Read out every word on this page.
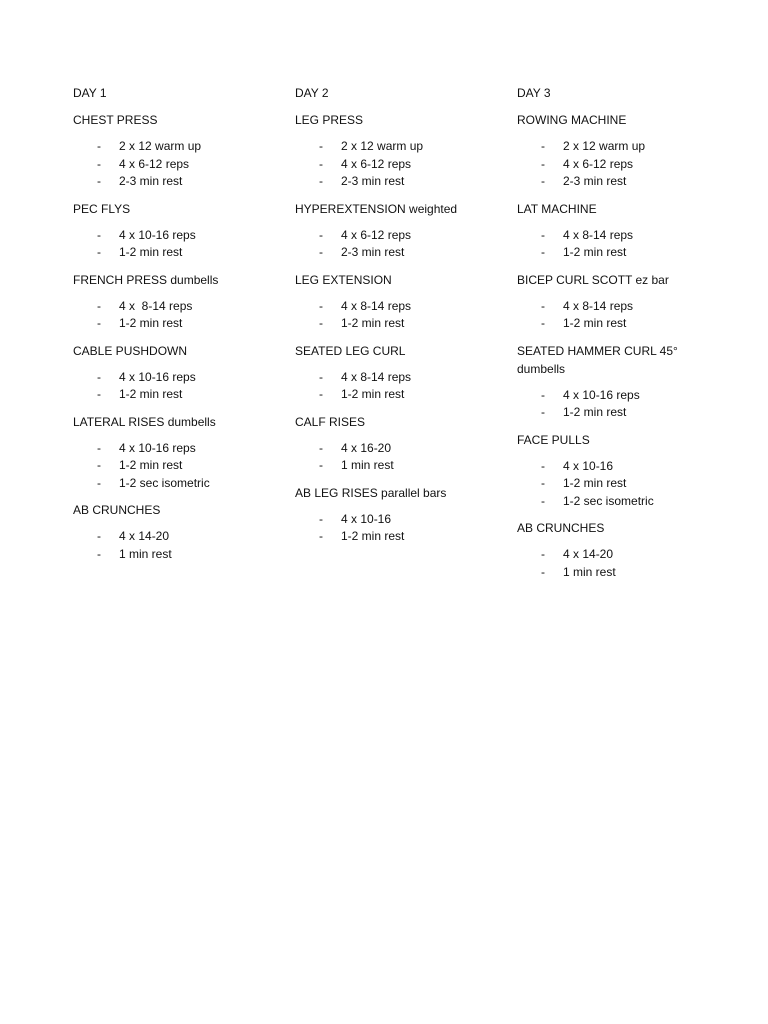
DAY 1
CHEST PRESS
- 2 x 12 warm up
- 4 x 6-12 reps
- 2-3 min rest
PEC FLYS
- 4 x 10-16 reps
- 1-2 min rest
FRENCH PRESS dumbells
- 4 x  8-14 reps
- 1-2 min rest
CABLE PUSHDOWN
- 4 x 10-16 reps
- 1-2 min rest
LATERAL RISES dumbells
- 4 x 10-16 reps
- 1-2 min rest
- 1-2 sec isometric
AB CRUNCHES
- 4 x 14-20
- 1 min rest
DAY 2
LEG PRESS
- 2 x 12 warm up
- 4 x 6-12 reps
- 2-3 min rest
HYPEREXTENSION weighted
- 4 x 6-12 reps
- 2-3 min rest
LEG EXTENSION
- 4 x 8-14 reps
- 1-2 min rest
SEATED LEG CURL
- 4 x 8-14 reps
- 1-2 min rest
CALF RISES
- 4 x 16-20
- 1 min rest
AB LEG RISES parallel bars
- 4 x 10-16
- 1-2 min rest
DAY 3
ROWING MACHINE
- 2 x 12 warm up
- 4 x 6-12 reps
- 2-3 min rest
LAT MACHINE
- 4 x 8-14 reps
- 1-2 min rest
BICEP CURL SCOTT ez bar
- 4 x 8-14 reps
- 1-2 min rest
SEATED HAMMER CURL 45° dumbells
- 4 x 10-16 reps
- 1-2 min rest
FACE PULLS
- 4 x 10-16
- 1-2 min rest
- 1-2 sec isometric
AB CRUNCHES
- 4 x 14-20
- 1 min rest
